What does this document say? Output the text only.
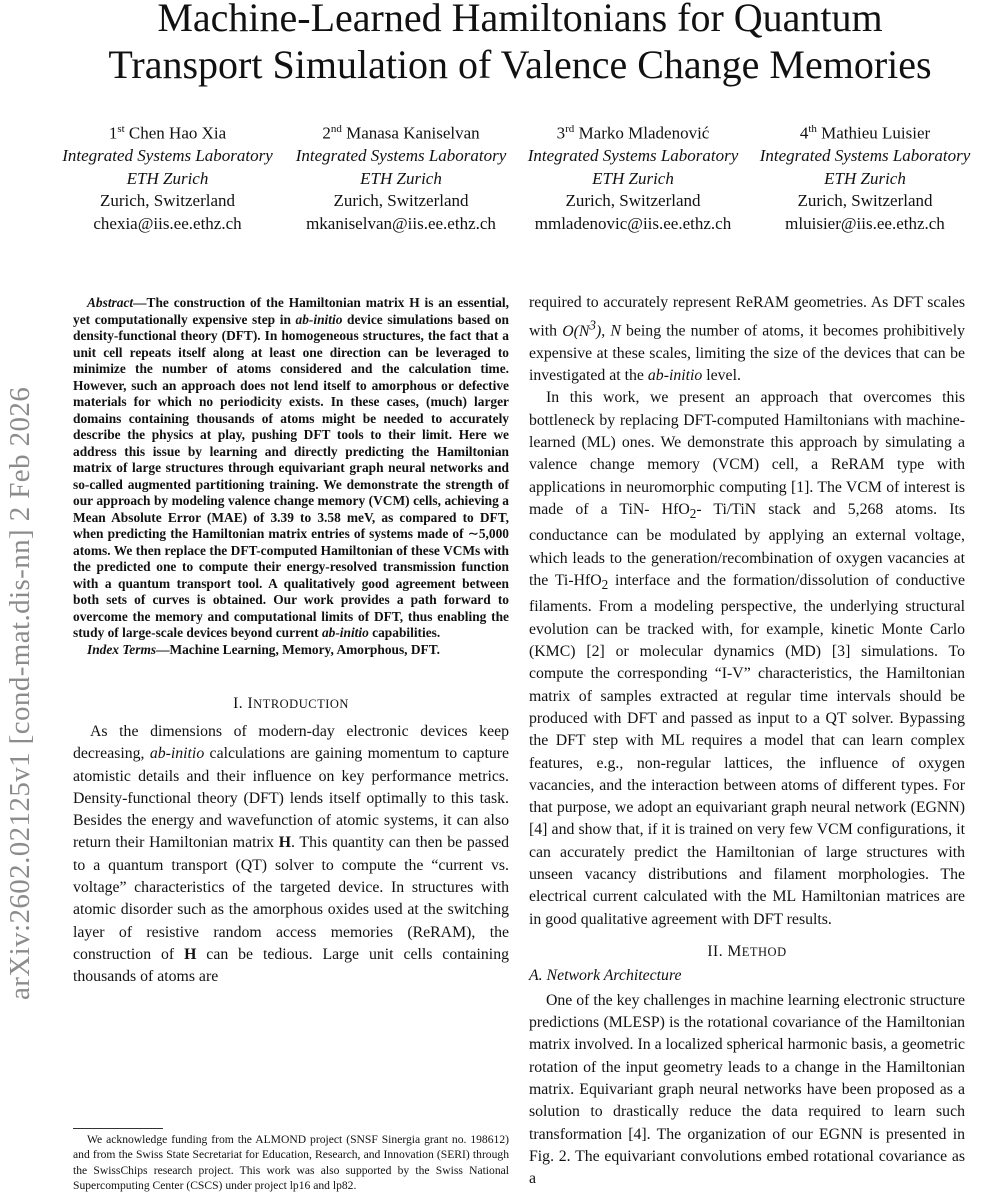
Machine-Learned Hamiltonians for Quantum
Transport Simulation of Valence Change Memories
1st Chen Hao Xia
Integrated Systems Laboratory
ETH Zurich
Zurich, Switzerland
chexia@iis.ee.ethz.ch
2nd Manasa Kaniselvan
Integrated Systems Laboratory
ETH Zurich
Zurich, Switzerland
mkaniselvan@iis.ee.ethz.ch
3rd Marko Mladenović
Integrated Systems Laboratory
ETH Zurich
Zurich, Switzerland
mmladenovic@iis.ee.ethz.ch
4th Mathieu Luisier
Integrated Systems Laboratory
ETH Zurich
Zurich, Switzerland
mluisier@iis.ee.ethz.ch
arXiv:2602.02125v1 [cond-mat.dis-nn] 2 Feb 2026

Abstract—The construction of the Hamiltonian matrix H is an essential, yet computationally expensive step in ab-initio device simulations based on density-functional theory (DFT). In homogeneous structures, the fact that a unit cell repeats itself along at least one direction can be leveraged to minimize the number of atoms considered and the calculation time. However, such an approach does not lend itself to amorphous or defective materials for which no periodicity exists. In these cases, (much) larger domains containing thousands of atoms might be needed to accurately describe the physics at play, pushing DFT tools to their limit. Here we address this issue by learning and directly predicting the Hamiltonian matrix of large structures through equivariant graph neural networks and so-called augmented partitioning training. We demonstrate the strength of our approach by modeling valence change memory (VCM) cells, achieving a Mean Absolute Error (MAE) of 3.39 to 3.58 meV, as compared to DFT, when predicting the Hamiltonian matrix entries of systems made of ∼5,000 atoms. We then replace the DFT-computed Hamiltonian of these VCMs with the predicted one to compute their energy-resolved transmission function with a quantum transport tool. A qualitatively good agreement between both sets of curves is obtained. Our work provides a path forward to overcome the memory and computational limits of DFT, thus enabling the study of large-scale devices beyond current ab-initio capabilities.

Index Terms—Machine Learning, Memory, Amorphous, DFT.

I. INTRODUCTION

As the dimensions of modern-day electronic devices keep decreasing, ab-initio calculations are gaining momentum to capture atomistic details and their influence on key performance metrics. Density-functional theory (DFT) lends itself optimally to this task. Besides the energy and wavefunction of atomic systems, it can also return their Hamiltonian matrix H. This quantity can then be passed to a quantum transport (QT) solver to compute the “current vs. voltage” characteristics of the targeted device. In structures with atomic disorder such as the amorphous oxides used at the switching layer of resistive random access memories (ReRAM), the construction of H can be tedious. Large unit cells containing thousands of atoms are

required to accurately represent ReRAM geometries. As DFT scales with $O(N^3)$, N being the number of atoms, it becomes prohibitively expensive at these scales, limiting the size of the devices that can be investigated at the ab-initio level.

In this work, we present an approach that overcomes this bottleneck by replacing DFT-computed Hamiltonians with machine-learned (ML) ones. We demonstrate this approach by simulating a valence change memory (VCM) cell, a ReRAM type with applications in neuromorphic computing [1]. The VCM of interest is made of a TiN- HfO$_2$- Ti/TiN stack and 5,268 atoms. Its conductance can be modulated by applying an external voltage, which leads to the generation/recombination of oxygen vacancies at the Ti-HfO$_2$ interface and the formation/dissolution of conductive filaments. From a modeling perspective, the underlying structural evolution can be tracked with, for example, kinetic Monte Carlo (KMC) [2] or molecular dynamics (MD) [3] simulations. To compute the corresponding “I-V” characteristics, the Hamiltonian matrix of samples extracted at regular time intervals should be produced with DFT and passed as input to a QT solver. Bypassing the DFT step with ML requires a model that can learn complex features, e.g., non-regular lattices, the influence of oxygen vacancies, and the interaction between atoms of different types. For that purpose, we adopt an equivariant graph neural network (EGNN) [4] and show that, if it is trained on very few VCM configurations, it can accurately predict the Hamiltonian of large structures with unseen vacancy distributions and filament morphologies. The electrical current calculated with the ML Hamiltonian matrices are in good qualitative agreement with DFT results.

II. METHOD

A. Network Architecture

One of the key challenges in machine learning electronic structure predictions (MLESP) is the rotational covariance of the Hamiltonian matrix involved. In a localized spherical harmonic basis, a geometric rotation of the input geometry leads to a change in the Hamiltonian matrix. Equivariant graph neural networks have been proposed as a solution to drastically reduce the data required to learn such transformation [4]. The organization of our EGNN is presented in Fig. 2. The equivariant convolutions embed rotational covariance as a

We acknowledge funding from the ALMOND project (SNSF Sinergia grant no. 198612) and from the Swiss State Secretariat for Education, Research, and Innovation (SERI) through the SwissChips research project. This work was also supported by the Swiss National Supercomputing Center (CSCS) under project lp16 and lp82.
